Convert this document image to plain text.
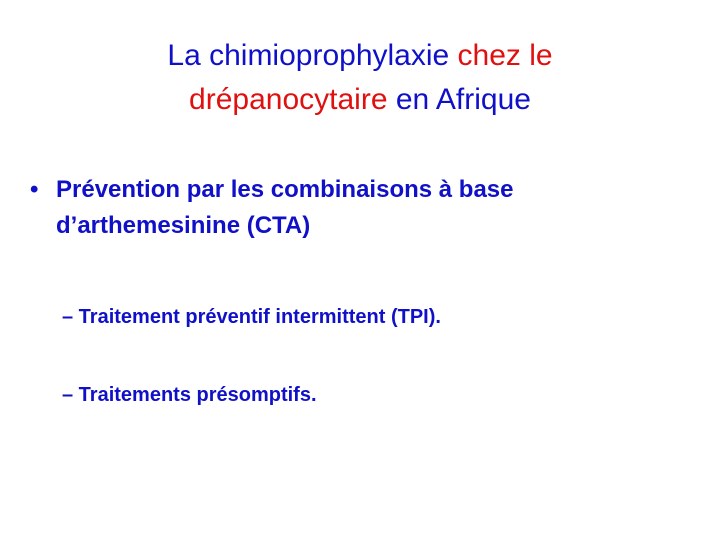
La chimioprophylaxie chez le
drépanocytaire en Afrique
• Prévention par les combinaisons à base d’arthemesinine (CTA)
– Traitement préventif intermittent (TPI).
– Traitements présomptifs.
